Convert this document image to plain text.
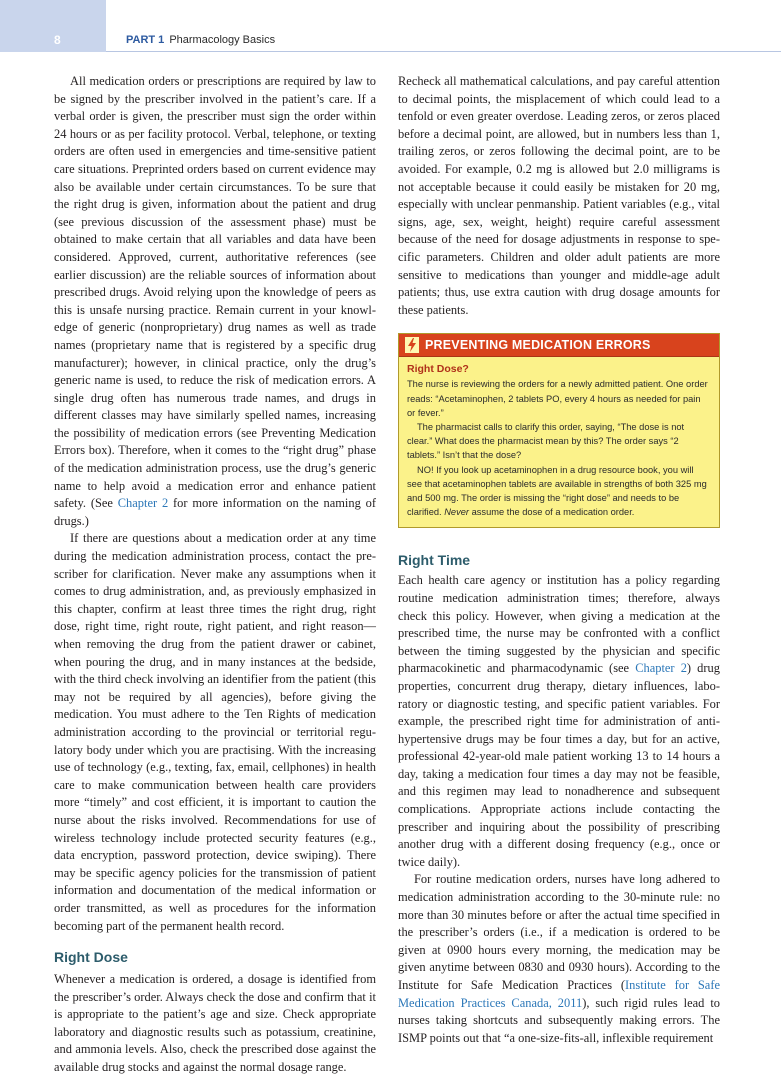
8	PART 1 Pharmacology Basics

All medication orders or prescriptions are required by law to be signed by the prescriber involved in the patient’s care. If a verbal order is given, the prescriber must sign the order within 24 hours or as per facility protocol. Verbal, telephone, or texting orders are often used in emergencies and time-sensitive patient care situations. Preprinted orders based on current evidence may also be available under certain circumstances. To be sure that the right drug is given, information about the patient and drug (see previous discussion of the assessment phase) must be obtained to make certain that all variables and data have been considered. Approved, current, authoritative references (see earlier discussion) are the reliable sources of information about prescribed drugs. Avoid relying upon the knowledge of peers as this is unsafe nursing practice. Remain current in your knowledge of generic (nonproprietary) drug names as well as trade names (proprietary name that is registered by a specific drug manufacturer); however, in clinical practice, only the drug’s generic name is used, to reduce the risk of medication errors. A single drug often has numerous trade names, and drugs in different classes may have similarly spelled names, increasing the possibility of medication errors (see Preventing Medication Errors box). Therefore, when it comes to the “right drug” phase of the medication administration process, use the drug’s generic name to help avoid a medication error and enhance patient safety. (See Chapter 2 for more information on the naming of drugs.)

If there are questions about a medication order at any time during the medication administration process, contact the prescriber for clarification. Never make any assumptions when it comes to drug administration, and, as previously emphasized in this chapter, confirm at least three times the right drug, right dose, right time, right route, right patient, and right reason—when removing the drug from the patient drawer or cabinet, when pouring the drug, and in many instances at the bedside, with the third check involving an identifier from the patient (this may not be required by all agencies), before giving the medication. You must adhere to the Ten Rights of medication administration according to the provincial or territorial regulatory body under which you are practising. With the increasing use of technology (e.g., texting, fax, email, cellphones) in health care to make communication between health care providers more “timely” and cost efficient, it is important to caution the nurse about the risks involved. Recommendations for use of wireless technology include protected security features (e.g., data encryption, password protection, device swiping). There may be specific agency policies for the transmission of patient information and documentation of the medical information or order transmitted, as well as procedures for the information becoming part of the permanent health record.

Right Dose

Whenever a medication is ordered, a dosage is identified from the prescriber’s order. Always check the dose and confirm that it is appropriate to the patient’s age and size. Check appropriate laboratory and diagnostic results such as potassium, creatinine, and ammonia levels. Also, check the prescribed dose against the available drug stocks and against the normal dosage range.

Recheck all mathematical calculations, and pay careful attention to decimal points, the misplacement of which could lead to a tenfold or even greater overdose. Leading zeros, or zeros placed before a decimal point, are allowed, but in numbers less than 1, trailing zeros, or zeros following the decimal point, are to be avoided. For example, 0.2 mg is allowed but 2.0 milligrams is not acceptable because it could easily be mistaken for 20 mg, especially with unclear penmanship. Patient variables (e.g., vital signs, age, sex, weight, height) require careful assessment because of the need for dosage adjustments in response to specific parameters. Children and older adult patients are more sensitive to medications than younger and middle-age adult patients; thus, use extra caution with drug dosage amounts for these patients.

PREVENTING MEDICATION ERRORS
Right Dose?

The nurse is reviewing the orders for a newly admitted patient. One order reads: “Acetaminophen, 2 tablets PO, every 4 hours as needed for pain or fever.”

The pharmacist calls to clarify this order, saying, “The dose is not clear.” What does the pharmacist mean by this? The order says “2 tablets.” Isn’t that the dose?

NO! If you look up acetaminophen in a drug resource book, you will see that acetaminophen tablets are available in strengths of both 325 mg and 500 mg. The order is missing the “right dose” and needs to be clarified. Never assume the dose of a medication order.

Right Time

Each health care agency or institution has a policy regarding routine medication administration times; therefore, always check this policy. However, when giving a medication at the prescribed time, the nurse may be confronted with a conflict between the timing suggested by the physician and specific pharmacokinetic and pharmacodynamic (see Chapter 2) drug properties, concurrent drug therapy, dietary influences, laboratory or diagnostic testing, and specific patient variables. For example, the prescribed right time for administration of antihypertensive drugs may be four times a day, but for an active, professional 42-year-old male patient working 13 to 14 hours a day, taking a medication four times a day may not be feasible, and this regimen may lead to nonadherence and subsequent complications. Appropriate actions include contacting the prescriber and inquiring about the possibility of prescribing another drug with a different dosing frequency (e.g., once or twice daily).

For routine medication orders, nurses have long adhered to medication administration according to the 30-minute rule: no more than 30 minutes before or after the actual time specified in the prescriber’s orders (i.e., if a medication is ordered to be given at 0900 hours every morning, the medication may be given anytime between 0830 and 0930 hours). According to the Institute for Safe Medication Practices (Institute for Safe Medication Practices Canada, 2011), such rigid rules lead to nurses taking shortcuts and subsequently making errors. The ISMP points out that “a one-size-fits-all, inflexible requirement
